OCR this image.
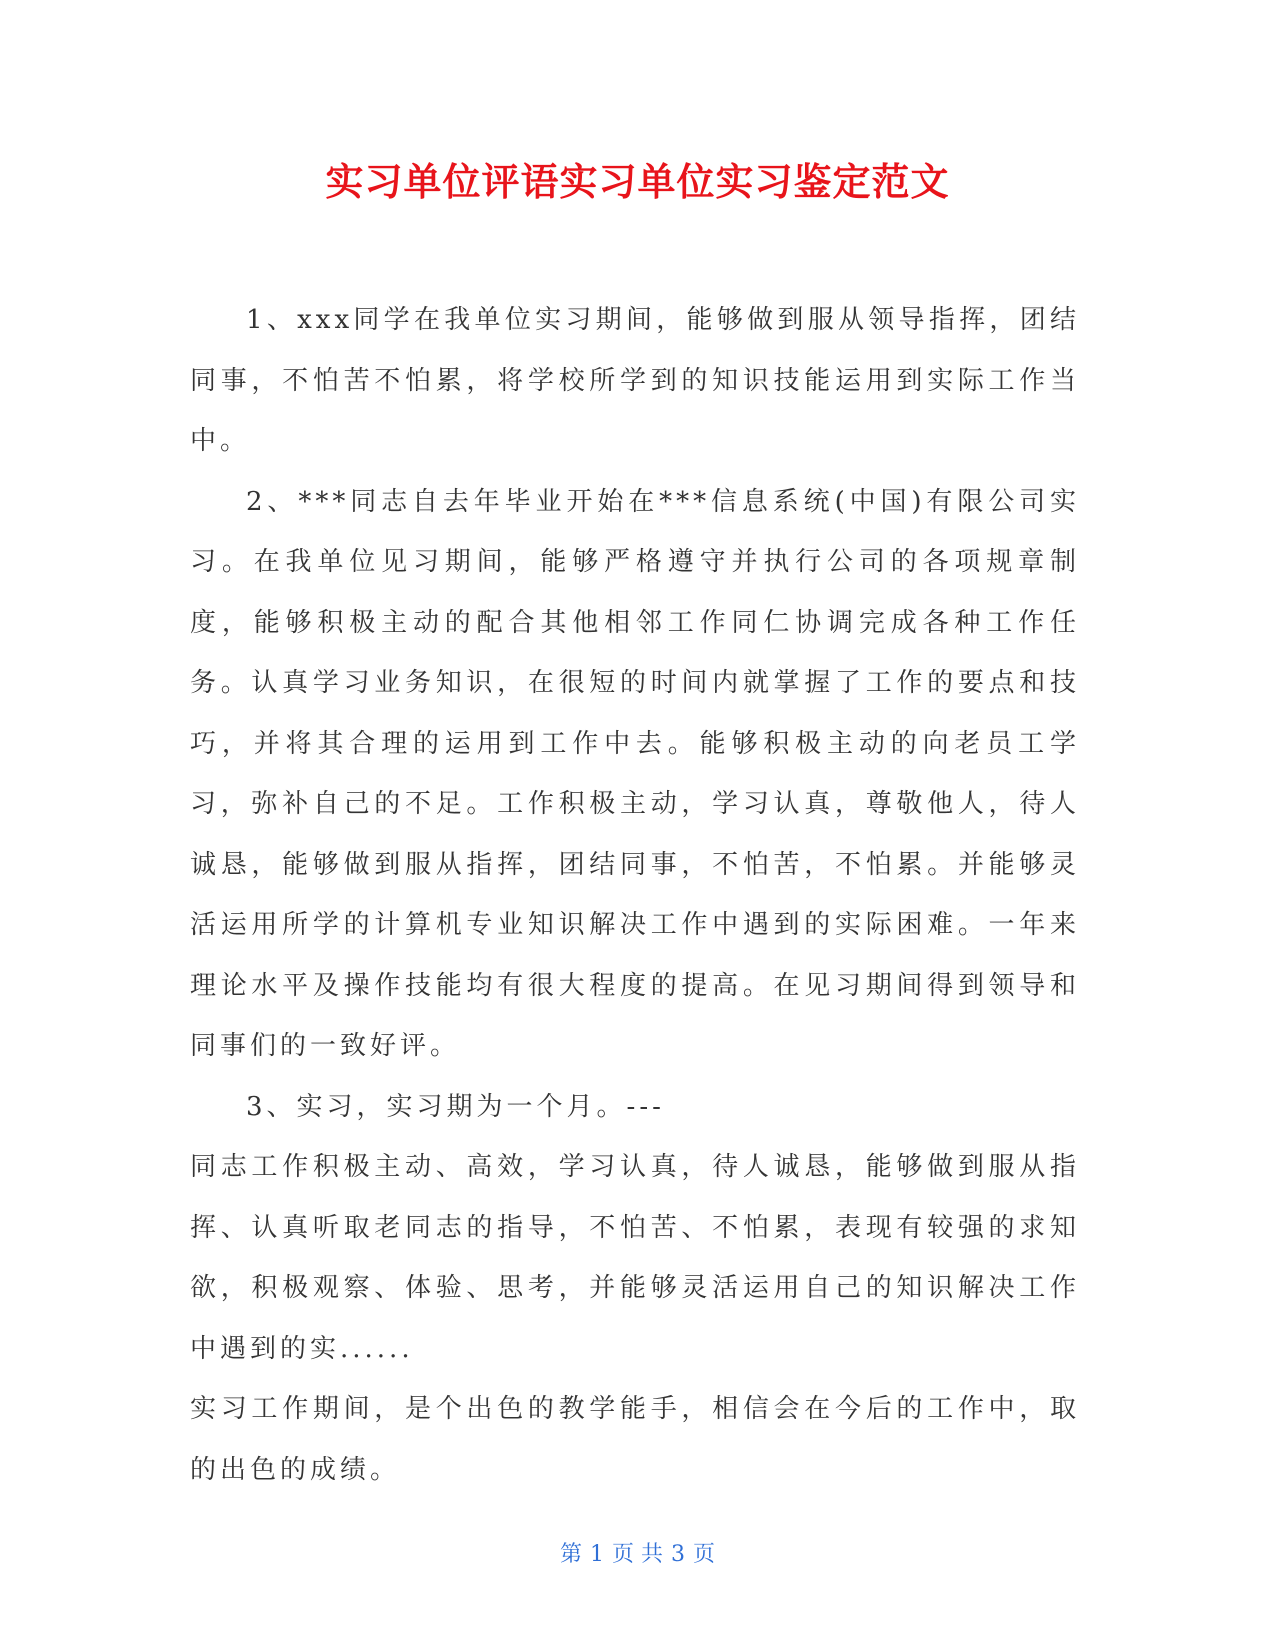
实习单位评语实习单位实习鉴定范文

1、xxx同学在我单位实习期间，能够做到服从领导指挥，团结同事，不怕苦不怕累，将学校所学到的知识技能运用到实际工作当中。

2、***同志自去年毕业开始在***信息系统(中国)有限公司实习。在我单位见习期间，能够严格遵守并执行公司的各项规章制度，能够积极主动的配合其他相邻工作同仁协调完成各种工作任务。认真学习业务知识，在很短的时间内就掌握了工作的要点和技巧，并将其合理的运用到工作中去。能够积极主动的向老员工学习，弥补自己的不足。工作积极主动，学习认真，尊敬他人，待人诚恳，能够做到服从指挥，团结同事，不怕苦，不怕累。并能够灵活运用所学的计算机专业知识解决工作中遇到的实际困难。一年来理论水平及操作技能均有很大程度的提高。在见习期间得到领导和同事们的一致好评。

3、实习，实习期为一个月。---

同志工作积极主动、高效，学习认真，待人诚恳，能够做到服从指挥、认真听取老同志的指导，不怕苦、不怕累，表现有较强的求知欲，积极观察、体验、思考，并能够灵活运用自己的知识解决工作中遇到的实......

实习工作期间，是个出色的教学能手，相信会在今后的工作中，取的出色的成绩。

第 1 页 共 3 页
